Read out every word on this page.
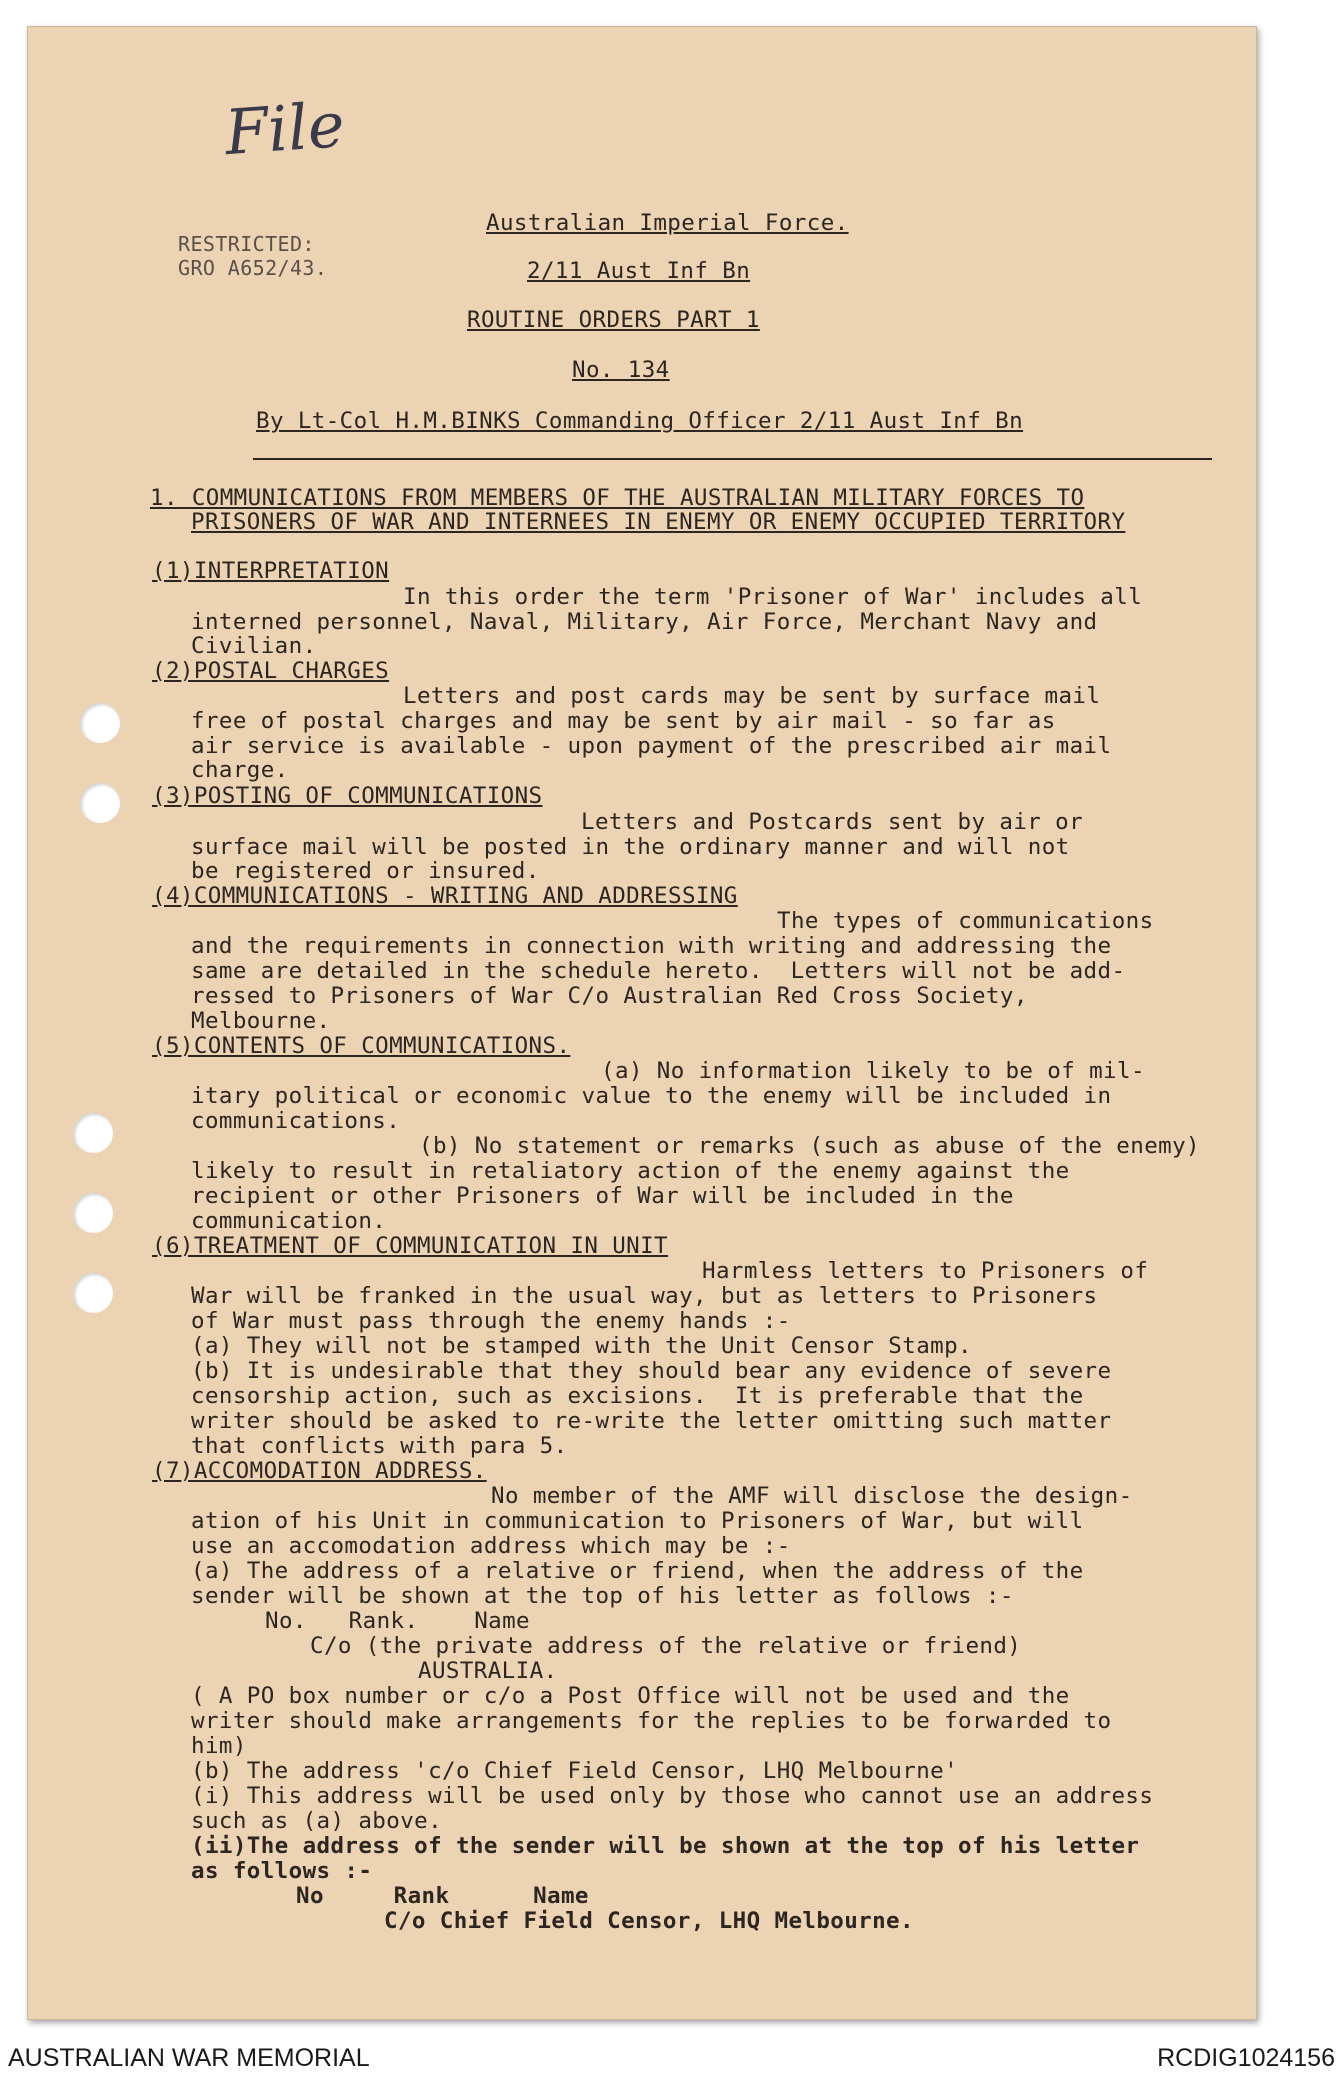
File
RESTRICTED:
GRO A652/43.
Australian Imperial Force.
2/11 Aust Inf Bn
ROUTINE ORDERS PART 1
No. 134
By Lt-Col H.M.BINKS Commanding Officer 2/11 Aust Inf Bn
1. COMMUNICATIONS FROM MEMBERS OF THE AUSTRALIAN MILITARY FORCES TO
PRISONERS OF WAR AND INTERNEES IN ENEMY OR ENEMY OCCUPIED TERRITORY
(1)INTERPRETATION
In this order the term 'Prisoner of War' includes all
interned personnel, Naval, Military, Air Force, Merchant Navy and
Civilian.
(2)POSTAL CHARGES
Letters and post cards may be sent by surface mail
free of postal charges and may be sent by air mail - so far as
air service is available - upon payment of the prescribed air mail
charge.
(3)POSTING OF COMMUNICATIONS
Letters and Postcards sent by air or
surface mail will be posted in the ordinary manner and will not
be registered or insured.
(4)COMMUNICATIONS - WRITING AND ADDRESSING
The types of communications
and the requirements in connection with writing and addressing the
same are detailed in the schedule hereto.  Letters will not be add-
ressed to Prisoners of War C/o Australian Red Cross Society,
Melbourne.
(5)CONTENTS OF COMMUNICATIONS.
(a) No information likely to be of mil-
itary political or economic value to the enemy will be included in
communications.
(b) No statement or remarks (such as abuse of the enemy)
likely to result in retaliatory action of the enemy against the
recipient or other Prisoners of War will be included in the
communication.
(6)TREATMENT OF COMMUNICATION IN UNIT
Harmless letters to Prisoners of
War will be franked in the usual way, but as letters to Prisoners
of War must pass through the enemy hands :-
(a) They will not be stamped with the Unit Censor Stamp.
(b) It is undesirable that they should bear any evidence of severe
censorship action, such as excisions.  It is preferable that the
writer should be asked to re-write the letter omitting such matter
that conflicts with para 5.
(7)ACCOMODATION ADDRESS.
No member of the AMF will disclose the design-
ation of his Unit in communication to Prisoners of War, but will
use an accomodation address which may be :-
(a) The address of a relative or friend, when the address of the
sender will be shown at the top of his letter as follows :-
No.   Rank.    Name
C/o (the private address of the relative or friend)
AUSTRALIA.
( A PO box number or c/o a Post Office will not be used and the
writer should make arrangements for the replies to be forwarded to
him)
(b) The address 'c/o Chief Field Censor, LHQ Melbourne'
(i) This address will be used only by those who cannot use an address
such as (a) above.
(ii)The address of the sender will be shown at the top of his letter
as follows :-
No     Rank      Name
C/o Chief Field Censor, LHQ Melbourne.
AUSTRALIAN WAR MEMORIAL	RCDIG1024156
